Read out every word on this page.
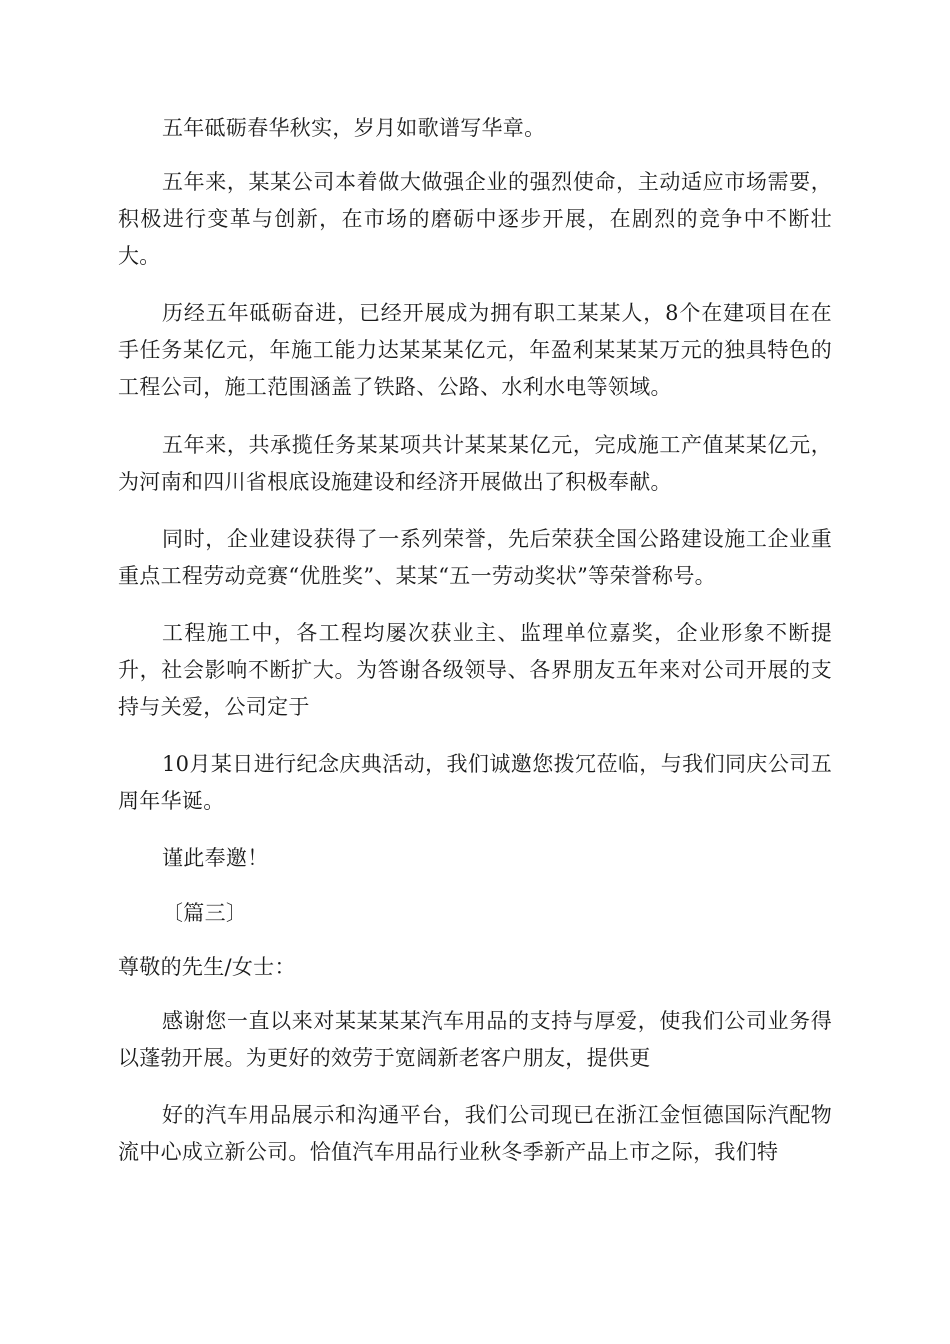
五年砥砺春华秋实，岁月如歌谱写华章。

五年来，某某公司本着做大做强企业的强烈使命，主动适应市场需要，积极进行变革与创新，在市场的磨砺中逐步开展，在剧烈的竞争中不断壮大。

历经五年砥砺奋进，已经开展成为拥有职工某某人，8个在建项目在在手任务某亿元，年施工能力达某某某亿元，年盈利某某某万元的独具特色的工程公司，施工范围涵盖了铁路、公路、水利水电等领域。

五年来，共承揽任务某某项共计某某某亿元，完成施工产值某某亿元，为河南和四川省根底设施建设和经济开展做出了积极奉献。

同时，企业建设获得了一系列荣誉，先后荣获全国公路建设施工企业重重点工程劳动竞赛“优胜奖”、某某“五一劳动奖状”等荣誉称号。

工程施工中，各工程均屡次获业主、监理单位嘉奖，企业形象不断提升，社会影响不断扩大。为答谢各级领导、各界朋友五年来对公司开展的支持与关爱，公司定于

10月某日进行纪念庆典活动，我们诚邀您拨冗莅临，与我们同庆公司五周年华诞。

谨此奉邀！

〔篇三〕

尊敬的先生/女士：

感谢您一直以来对某某某某汽车用品的支持与厚爱，使我们公司业务得以蓬勃开展。为更好的效劳于宽阔新老客户朋友，提供更

好的汽车用品展示和沟通平台，我们公司现已在浙江金恒德国际汽配物流中心成立新公司。恰值汽车用品行业秋冬季新产品上市之际，我们特
